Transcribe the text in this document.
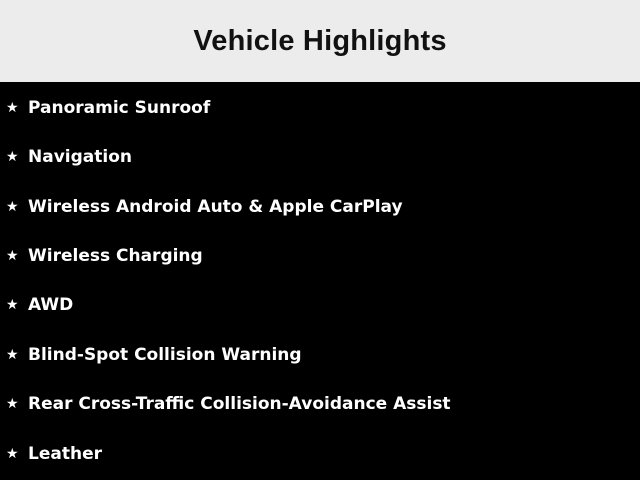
Vehicle Highlights
★ Panoramic Sunroof
★ Navigation
★ Wireless Android Auto & Apple CarPlay
★ Wireless Charging
★ AWD
★ Blind-Spot Collision Warning
★ Rear Cross-Traffic Collision-Avoidance Assist
★ Leather
